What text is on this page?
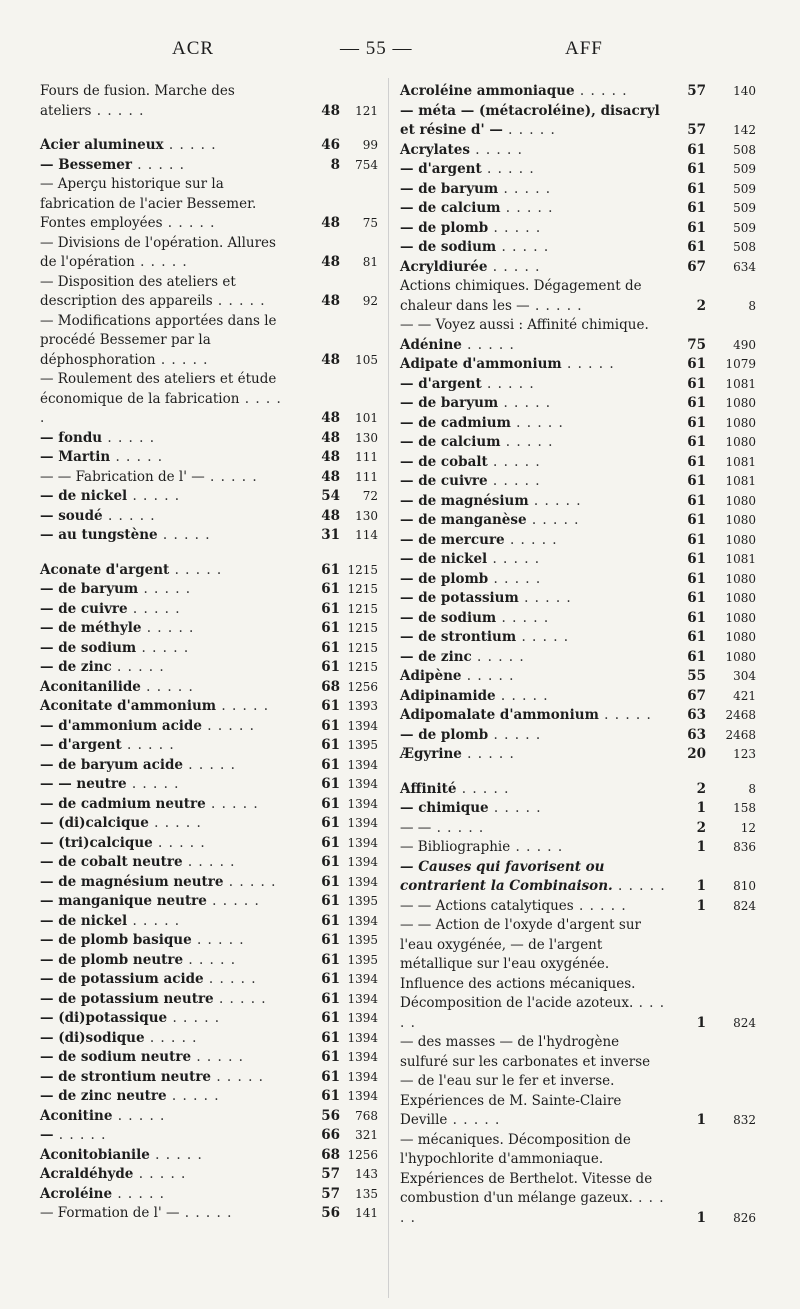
ACR	— 55 —	AFF
Fours de fusion. Marche des ateliers . . . . .	48	121
Acier alumineux . . . . .	46	99
— Bessemer . . . . .	8	754
— Aperçu historique sur la fabrication de l'acier Bessemer. Fontes employées . . . . .	48	75
— Divisions de l'opération. Allures de l'opération . . . . .	48	81
— Disposition des ateliers et description des appareils . . . . .	48	92
— Modifications apportées dans le procédé Bessemer par la déphosphoration . . . . .	48	105
— Roulement des ateliers et étude économique de la fabrication . . . . .	48	101
— fondu . . . . .	48	130
— Martin . . . . .	48	111
— — Fabrication de l' — . . . . .	48	111
— de nickel . . . . .	54	72
— soudé . . . . .	48	130
— au tungstène . . . . .	31	114
Aconate d'argent . . . . .	61 1215
— de baryum . . . . .	61 1215
— de cuivre . . . . .	61 1215
— de méthyle . . . . .	61 1215
— de sodium . . . . .	61 1215
— de zinc . . . . .	61 1215
Aconitanilide . . . . .	68 1256
Aconitate d'ammonium . . . . .	61 1393
— d'ammonium acide . . . . .	61 1394
— d'argent . . . . .	61 1395
— de baryum acide . . . . .	61 1394
— — neutre . . . . .	61 1394
— de cadmium neutre . . . . .	61 1394
— (di)calcique . . . . .	61 1394
— (tri)calcique . . . . .	61 1394
— de cobalt neutre . . . . .	61 1394
— de magnésium neutre . . . . .	61 1394
— manganique neutre . . . . .	61 1395
— de nickel . . . . .	61 1394
— de plomb basique . . . . .	61 1395
— de plomb neutre . . . . .	61 1395
— de potassium acide . . . . .	61 1394
— de potassium neutre . . . . .	61 1394
— (di)potassique . . . . .	61 1394
— (di)sodique . . . . .	61 1394
— de sodium neutre . . . . .	61 1394
— de strontium neutre . . . . .	61 1394
— de zinc neutre . . . . .	61 1394
Aconitine . . . . .	56	768
— . . . . .	66	321
Aconitobianile . . . . .	68 1256
Acraldéhyde . . . . .	57	143
Acroléine . . . . .	57	135
— Formation de l' — . . . . .	56	141
Acroléine ammoniaque . . . . .	57	140
— méta — (métacroléine), disacryl et résine d' — . . . . .	57	142
Acrylates . . . . .	61	508
— d'argent . . . . .	61	509
— de baryum . . . . .	61	509
— de calcium . . . . .	61	509
— de plomb . . . . .	61	509
— de sodium . . . . .	61	508
Acryldiurée . . . . .	67	634
Actions chimiques. Dégagement de chaleur dans les — . . . . .	2	8
— — Voyez aussi : Affinité chimique.
Adénine . . . . .	75	490
Adipate d'ammonium . . . . .	61	1079
— d'argent . . . . .	61	1081
— de baryum . . . . .	61	1080
— de cadmium . . . . .	61	1080
— de calcium . . . . .	61	1080
— de cobalt . . . . .	61	1081
— de cuivre . . . . .	61	1081
— de magnésium . . . . .	61	1080
— de manganèse . . . . .	61	1080
— de mercure . . . . .	61	1080
— de nickel . . . . .	61	1081
— de plomb . . . . .	61	1080
— de potassium . . . . .	61	1080
— de sodium . . . . .	61	1080
— de strontium . . . . .	61	1080
— de zinc . . . . .	61	1080
Adipène . . . . .	55	304
Adipinamide . . . . .	67	421
Adipomalate d'ammonium . . . . .	63	2468
— de plomb . . . . .	63	2468
Ægyrine . . . . .	20	123
Affinité . . . . .	2	8
— chimique . . . . .	1	158
— — . . . . .	2	12
— Bibliographie . . . . .	1	836
— Causes qui favorisent ou contrarient la Combinaison. . . . . .	1	810
— — Actions catalytiques . . . . .	1	824
— — Action de l'oxyde d'argent sur l'eau oxygénée, — de l'argent métallique sur l'eau oxygénée. Influence des actions mécaniques. Décomposition de l'acide azoteux. . . . . .	1	824
— des masses — de l'hydrogène sulfuré sur les carbonates et inverse — de l'eau sur le fer et inverse. Expériences de M. Sainte-Claire Deville . . . . .	1	832
— mécaniques. Décomposition de l'hypochlorite d'ammoniaque. Expériences de Berthelot. Vitesse de combustion d'un mélange gazeux. . . . . .	1	826
